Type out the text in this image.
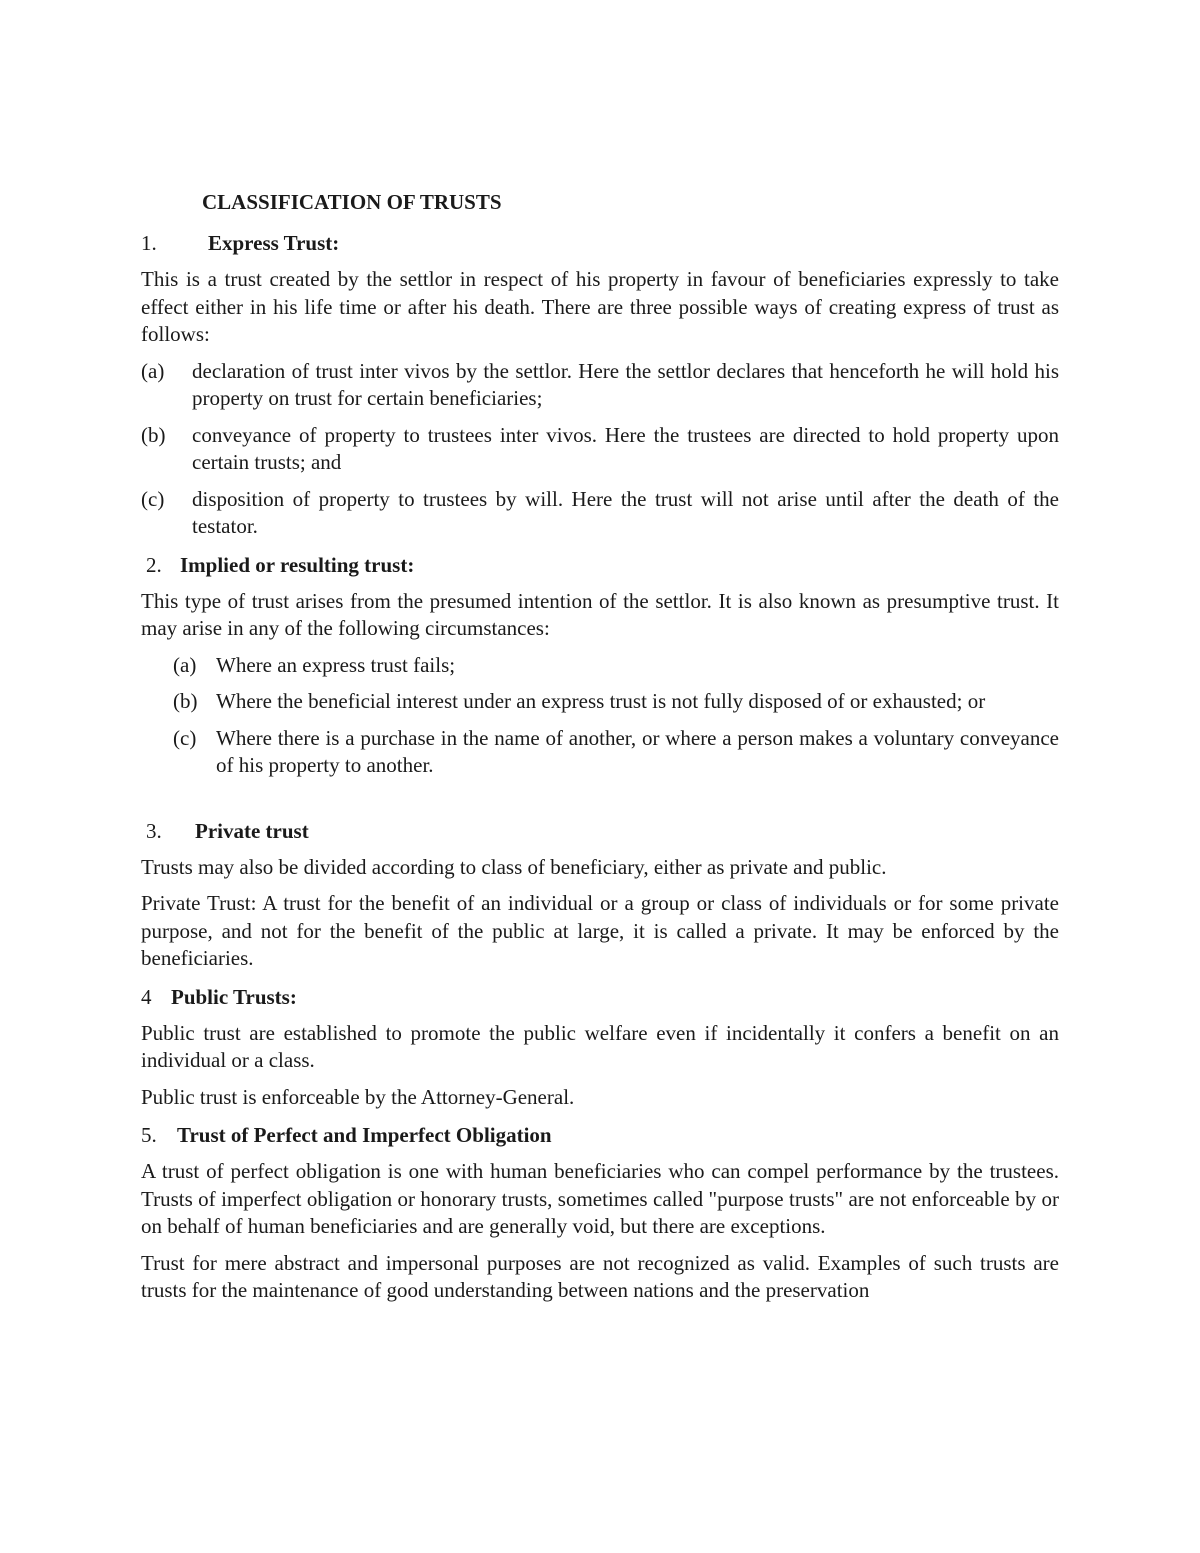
CLASSIFICATION OF TRUSTS
1.	Express Trust:
This is a trust created by the settlor in respect of his property in favour of beneficiaries expressly to take effect either in his life time or after his death. There are three possible ways of creating express of trust as follows:
(a)	declaration of trust inter vivos by the settlor. Here the settlor declares that henceforth he will hold his property on trust for certain beneficiaries;
(b)	conveyance of property to trustees inter vivos. Here the trustees are directed to hold property upon certain trusts; and
(c)	disposition of property to trustees by will. Here the trust will not arise until after the death of the testator.
2. Implied or resulting trust:
This type of trust arises from the presumed intention of the settlor. It is also known as presumptive trust. It may arise in any of the following circumstances:
(a) Where an express trust fails;
(b) Where the beneficial interest under an express trust is not fully disposed of or exhausted; or
(c) Where there is a purchase in the name of another, or where a person makes a voluntary conveyance of his property to another.
3.	Private trust
Trusts may also be divided according to class of beneficiary, either as private and public.
Private Trust: A trust for the benefit of an individual or a group or class of individuals or for some private purpose, and not for the benefit of the public at large, it is called a private. It may be enforced by the beneficiaries.
4 Public Trusts:
Public trust are established to promote the public welfare even if incidentally it confers a benefit on an individual or a class.
Public trust is enforceable by the Attorney-General.
5. Trust of Perfect and Imperfect Obligation
A trust of perfect obligation is one with human beneficiaries who can compel performance by the trustees. Trusts of imperfect obligation or honorary trusts, sometimes called "purpose trusts" are not enforceable by or on behalf of human beneficiaries and are generally void, but there are exceptions.
Trust for mere abstract and impersonal purposes are not recognized as valid. Examples of such trusts are trusts for the maintenance of good understanding between nations and the preservation
